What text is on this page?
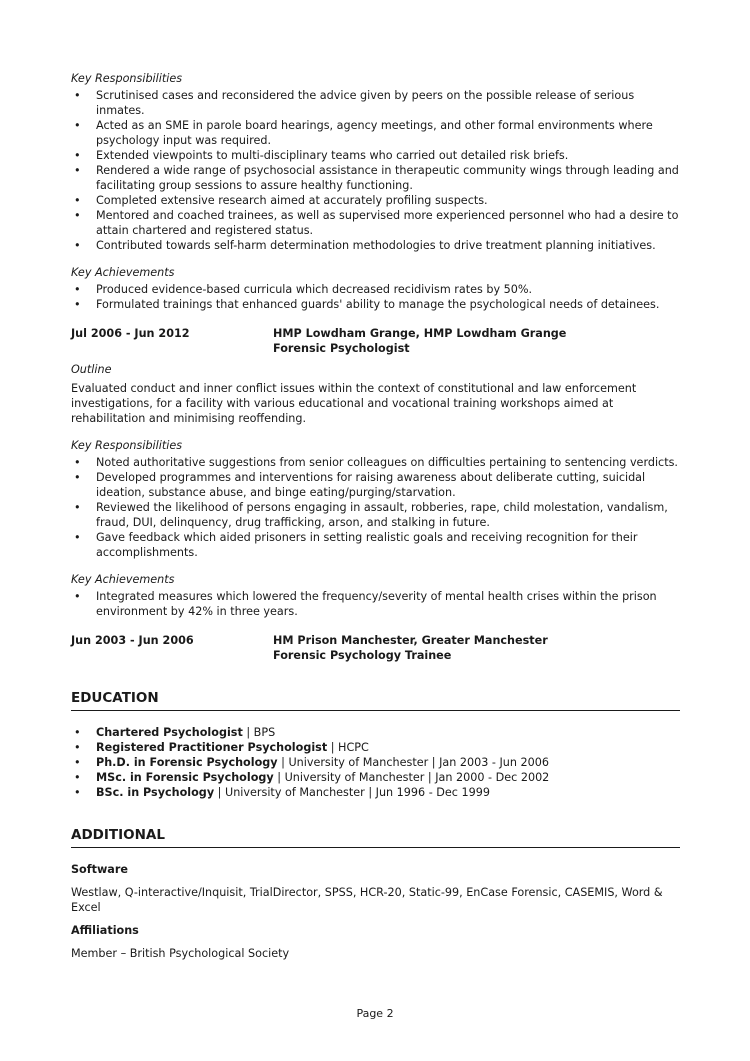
Key Responsibilities
• Scrutinised cases and reconsidered the advice given by peers on the possible release of serious inmates.
• Acted as an SME in parole board hearings, agency meetings, and other formal environments where psychology input was required.
• Extended viewpoints to multi-disciplinary teams who carried out detailed risk briefs.
• Rendered a wide range of psychosocial assistance in therapeutic community wings through leading and facilitating group sessions to assure healthy functioning.
• Completed extensive research aimed at accurately profiling suspects.
• Mentored and coached trainees, as well as supervised more experienced personnel who had a desire to attain chartered and registered status.
• Contributed towards self-harm determination methodologies to drive treatment planning initiatives.
Key Achievements
• Produced evidence-based curricula which decreased recidivism rates by 50%.
• Formulated trainings that enhanced guards' ability to manage the psychological needs of detainees.
Jul 2006 - Jun 2012	HMP Lowdham Grange, HMP Lowdham Grange
Forensic Psychologist
Outline
Evaluated conduct and inner conflict issues within the context of constitutional and law enforcement investigations, for a facility with various educational and vocational training workshops aimed at rehabilitation and minimising reoffending.
Key Responsibilities
• Noted authoritative suggestions from senior colleagues on difficulties pertaining to sentencing verdicts.
• Developed programmes and interventions for raising awareness about deliberate cutting, suicidal ideation, substance abuse, and binge eating/purging/starvation.
• Reviewed the likelihood of persons engaging in assault, robberies, rape, child molestation, vandalism, fraud, DUI, delinquency, drug trafficking, arson, and stalking in future.
• Gave feedback which aided prisoners in setting realistic goals and receiving recognition for their accomplishments.
Key Achievements
• Integrated measures which lowered the frequency/severity of mental health crises within the prison environment by 42% in three years.
Jun 2003 - Jun 2006	HM Prison Manchester, Greater Manchester
Forensic Psychology Trainee
EDUCATION
• Chartered Psychologist | BPS
• Registered Practitioner Psychologist | HCPC
• Ph.D. in Forensic Psychology | University of Manchester | Jan 2003 - Jun 2006
• MSc. in Forensic Psychology | University of Manchester | Jan 2000 - Dec 2002
• BSc. in Psychology | University of Manchester | Jun 1996 - Dec 1999
ADDITIONAL
Software
Westlaw, Q-interactive/Inquisit, TrialDirector, SPSS, HCR-20, Static-99, EnCase Forensic, CASEMIS, Word & Excel
Affiliations
Member – British Psychological Society
Page 2
